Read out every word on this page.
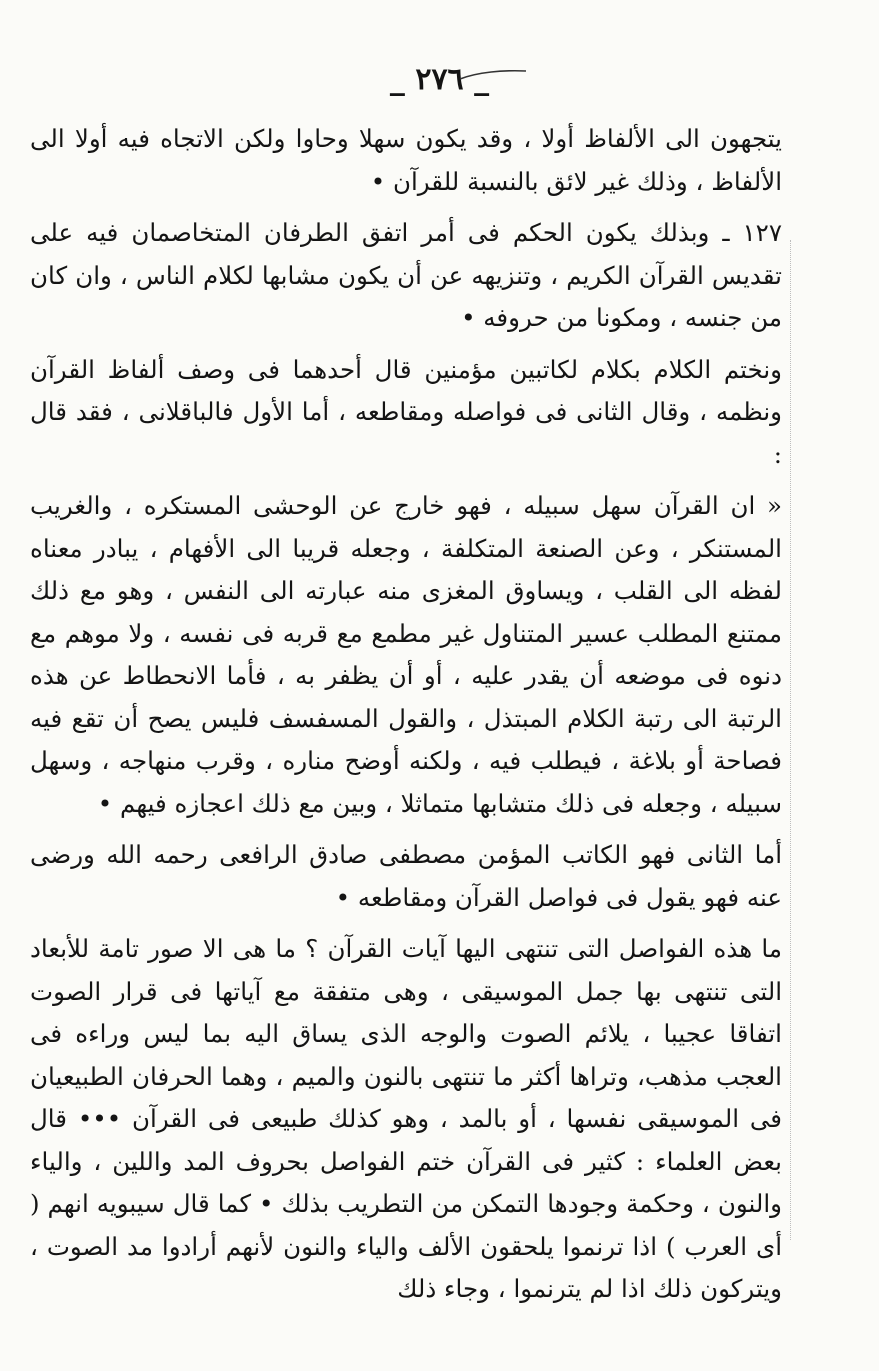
_ ٢٧٦ _

يتجهون الى الألفاظ أولا ، وقد يكون سهلا وحاوا ولكن الاتجاه فيه أولا الى الألفاظ ، وذلك غير لائق بالنسبة للقرآن •

١٢٧ ـ وبذلك يكون الحكم فى أمر اتفق الطرفان المتخاصمان فيه على تقديس القرآن الكريم ، وتنزيهه عن أن يكون مشابها لكلام الناس ، وان كان من جنسه ، ومكونا من حروفه •

ونختم الكلام بكلام لكاتبين مؤمنين قال أحدهما فى وصف ألفاظ القرآن ونظمه ، وقال الثانى فى فواصله ومقاطعه ، أما الأول فالباقلانى ، فقد قال :

« ان القرآن سهل سبيله ، فهو خارج عن الوحشى المستكره ، والغريب المستنكر ، وعن الصنعة المتكلفة ، وجعله قريبا الى الأفهام ، يبادر معناه لفظه الى القلب ، ويساوق المغزى منه عبارته الى النفس ، وهو مع ذلك ممتنع المطلب عسير المتناول غير مطمع مع قربه فى نفسه ، ولا موهم مع دنوه فى موضعه أن يقدر عليه ، أو أن يظفر به ، فأما الانحطاط عن هذه الرتبة الى رتبة الكلام المبتذل ، والقول المسفسف فليس يصح أن تقع فيه فصاحة أو بلاغة ، فيطلب فيه ، ولكنه أوضح مناره ، وقرب منهاجه ، وسهل سبيله ، وجعله فى ذلك متشابها متماثلا ، وبين مع ذلك اعجازه فيهم •

أما الثانى فهو الكاتب المؤمن مصطفى صادق الرافعى رحمه الله ورضى عنه فهو يقول فى فواصل القرآن ومقاطعه •

ما هذه الفواصل التى تنتهى اليها آيات القرآن ؟ ما هى الا صور تامة للأبعاد التى تنتهى بها جمل الموسيقى ، وهى متفقة مع آياتها فى قرار الصوت اتفاقا عجيبا ، يلائم الصوت والوجه الذى يساق اليه بما ليس وراءه فى العجب مذهب، وتراها أكثر ما تنتهى بالنون والميم ، وهما الحرفان الطبيعيان فى الموسيقى نفسها ، أو بالمد ، وهو كذلك طبيعى فى القرآن ••• قال بعض العلماء : كثير فى القرآن ختم الفواصل بحروف المد واللين ، والياء والنون ، وحكمة وجودها التمكن من التطريب بذلك • كما قال سيبويه انهم ( أى العرب ) اذا ترنموا يلحقون الألف والياء والنون لأنهم أرادوا مد الصوت ، ويتركون ذلك اذا لم يترنموا ، وجاء ذلك
